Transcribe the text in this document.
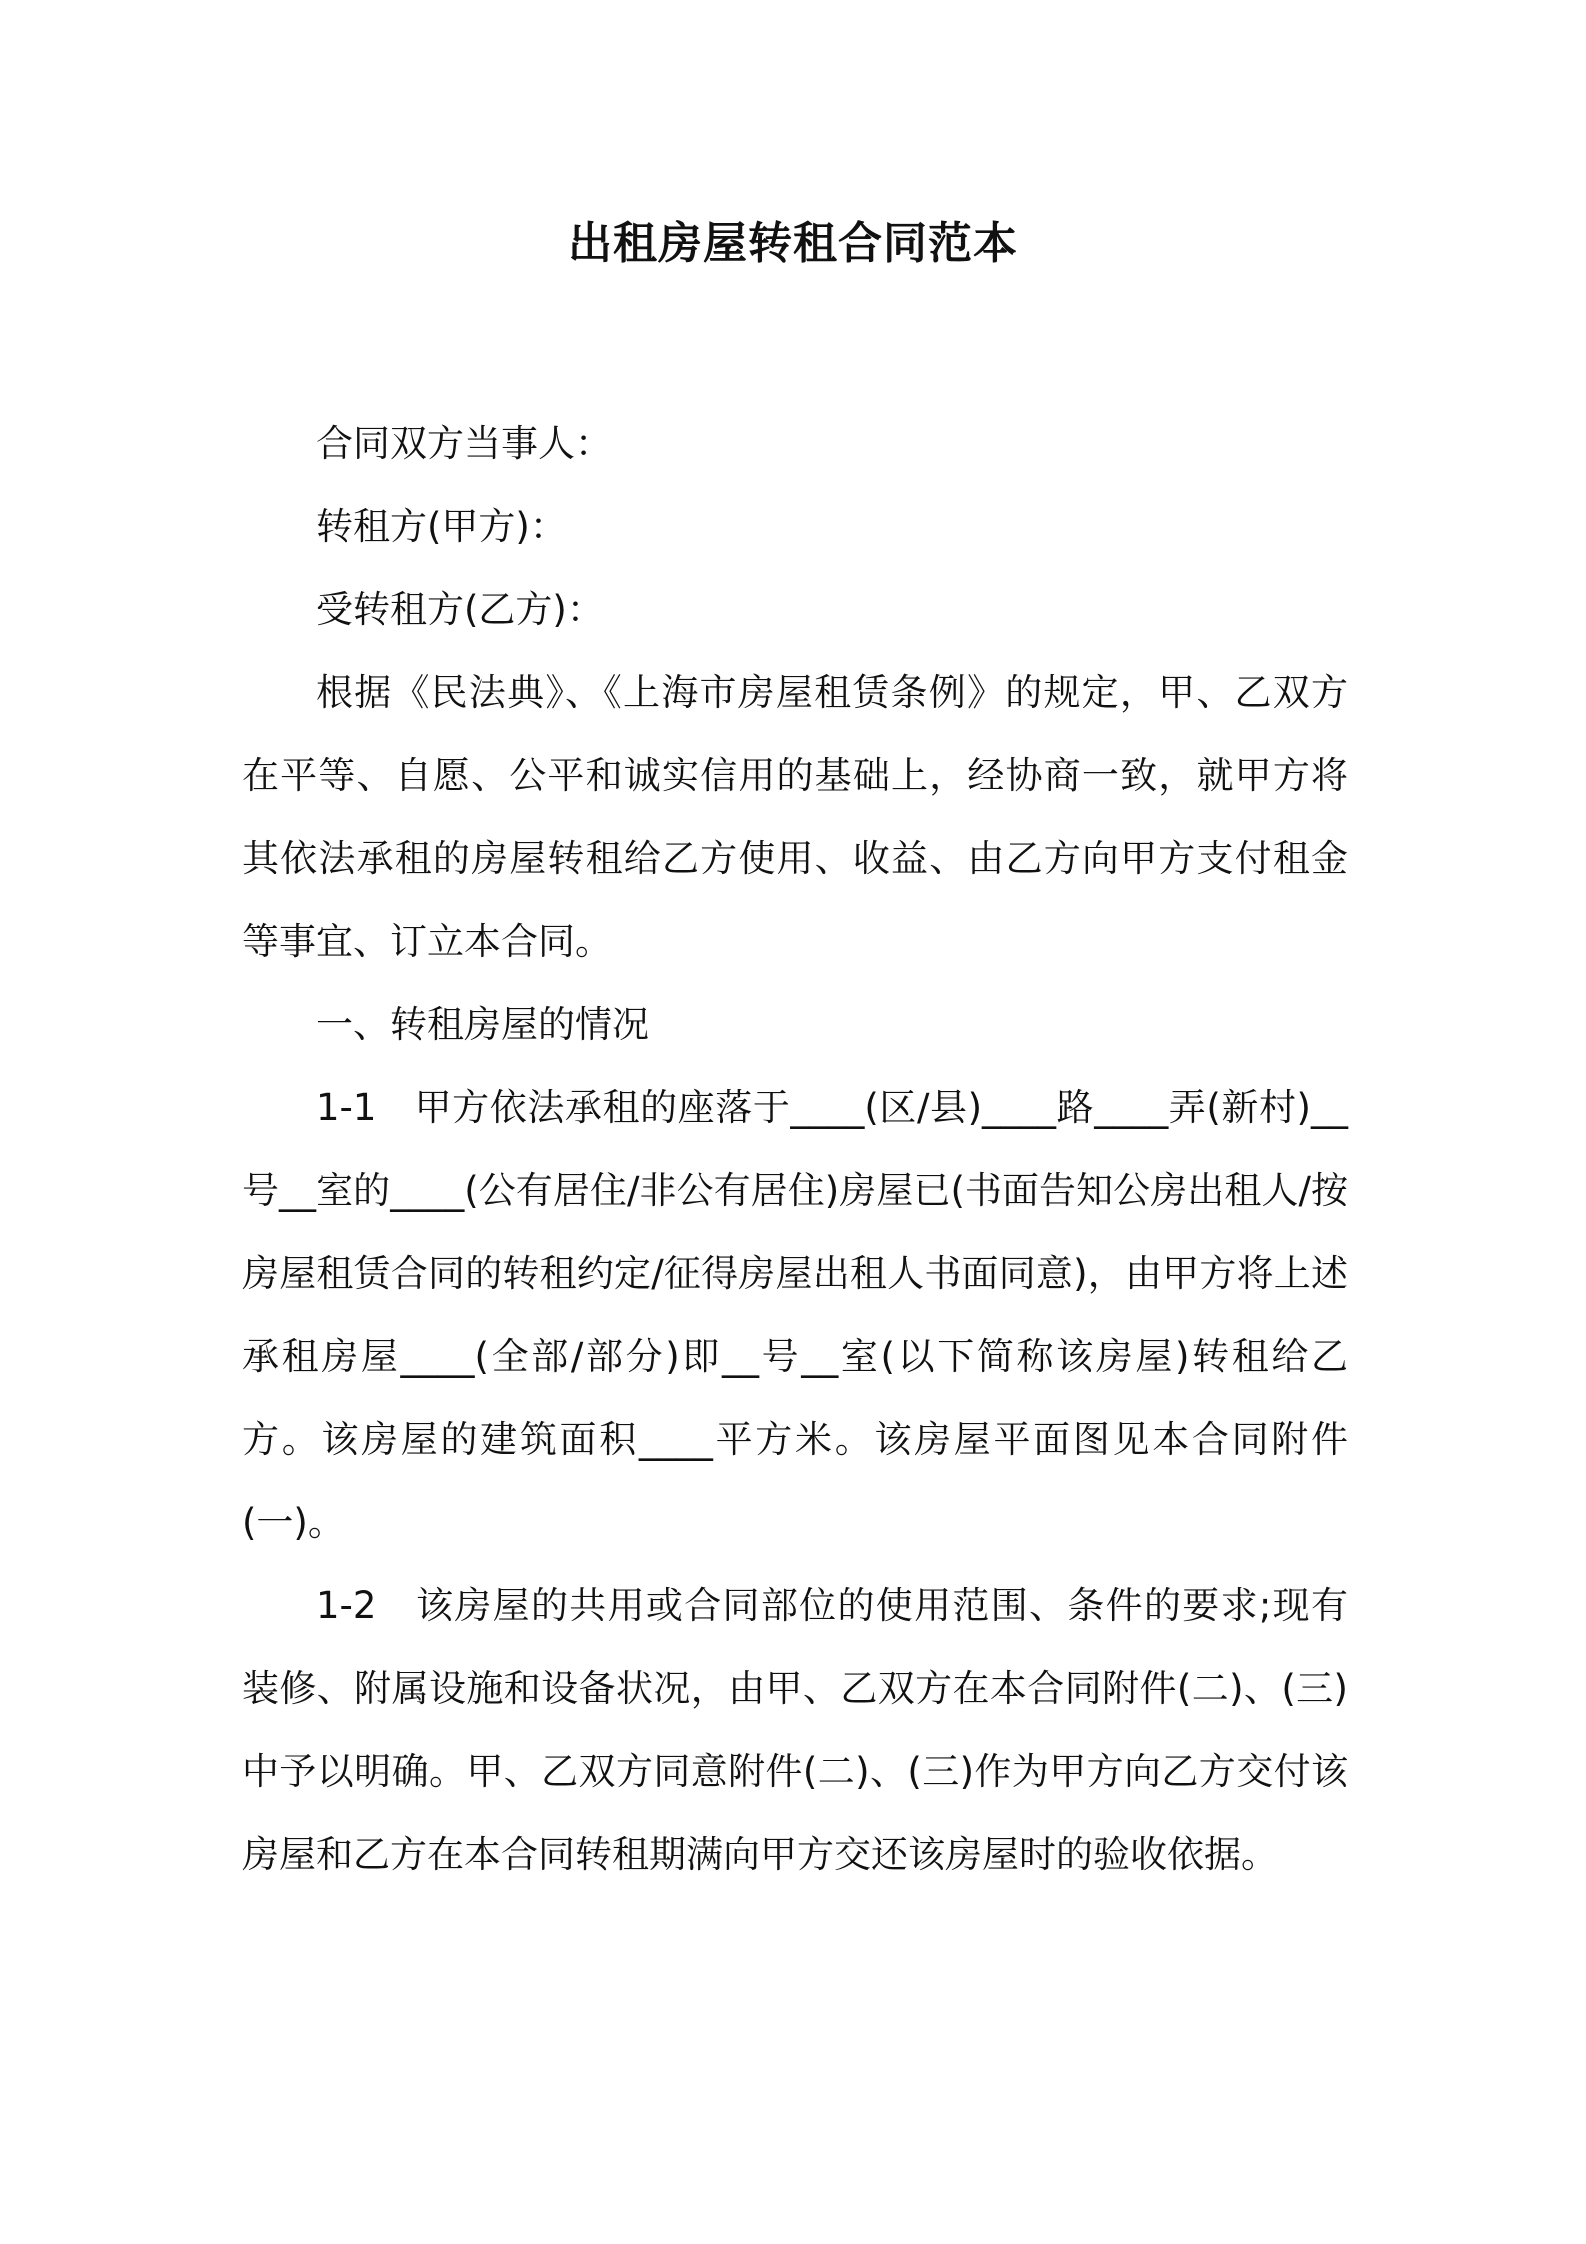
出租房屋转租合同范本

合同双方当事人：

转租方(甲方)：

受转租方(乙方)：

根据《民法典》、《上海市房屋租赁条例》的规定，甲、乙双方在平等、自愿、公平和诚实信用的基础上，经协商一致，就甲方将其依法承租的房屋转租给乙方使用、收益、由乙方向甲方支付租金等事宜、订立本合同。

一、转租房屋的情况

1-1　甲方依法承租的座落于____(区/县)____路____弄(新村)__号__室的____(公有居住/非公有居住)房屋已(书面告知公房出租人/按房屋租赁合同的转租约定/征得房屋出租人书面同意)，由甲方将上述承租房屋____(全部/部分)即__号__室(以下简称该房屋)转租给乙方。该房屋的建筑面积____平方米。该房屋平面图见本合同附件(一)。

1-2　该房屋的共用或合同部位的使用范围、条件的要求;现有装修、附属设施和设备状况，由甲、乙双方在本合同附件(二)、(三)中予以明确。甲、乙双方同意附件(二)、(三)作为甲方向乙方交付该房屋和乙方在本合同转租期满向甲方交还该房屋时的验收依据。
